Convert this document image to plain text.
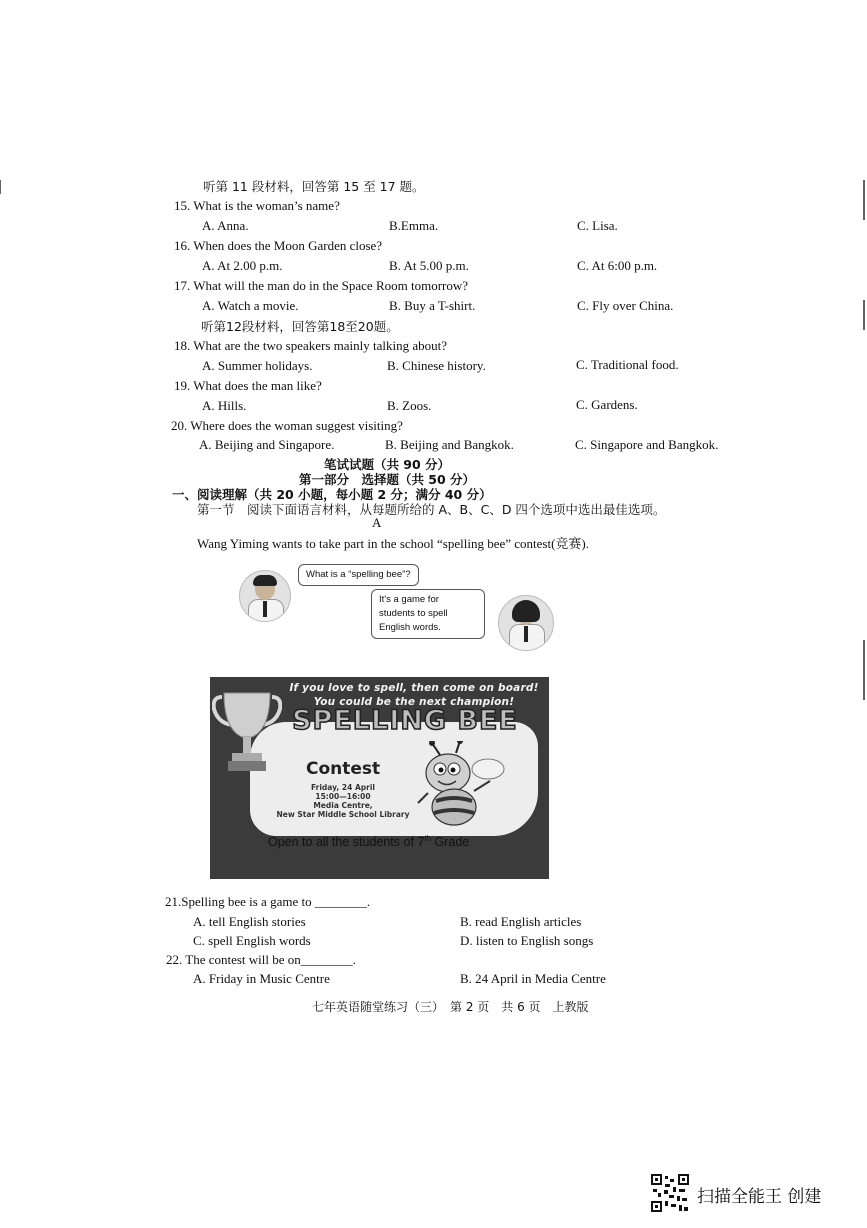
听第 11 段材料，回答第 15 至 17 题。
15. What is the woman’s name?
A. Anna.	B.Emma.	C. Lisa.
16. When does the Moon Garden close?
A. At 2.00 p.m.	B. At 5.00 p.m.	C. At 6:00 p.m.
17. What will the man do in the Space Room tomorrow?
A. Watch a movie.	B. Buy a T-shirt.	C. Fly over China.
听第12段材料，回答第18至20题。
18. What are the two speakers mainly talking about?
A. Summer holidays.	B. Chinese history.	C. Traditional food.
19. What does the man like?
A. Hills.	B. Zoos.	C. Gardens.
20. Where does the woman suggest visiting?
A. Beijing and Singapore.	B. Beijing and Bangkok.	C. Singapore and Bangkok.
笔试试题（共 90 分）
第一部分　选择题（共 50 分）
一、阅读理解（共 20 小题，每小题 2 分；满分 40 分）
第一节　阅读下面语言材料，从每题所给的 A、B、C、D 四个选项中选出最佳选项。
A
Wang Yiming wants to take part in the school “spelling bee” contest(竞赛).
What is a “spelling bee”?
It's a game for students to spell English words.
If you love to spell, then come on board!
You could be the next champion!
SPELLING BEE
Contest
Friday, 24 April
15:00—16:00
Media Centre,
New Star Middle School Library
Open to all the students of 7th Grade
21.Spelling bee is a game to ________.
A. tell English stories	B. read English articles
C. spell English words	D. listen to English songs
22. The contest will be on________.
A. Friday in Music Centre	B. 24 April in Media Centre
七年英语随堂练习（三）　第 2 页　共 6 页　上教版
扫描全能王 创建
